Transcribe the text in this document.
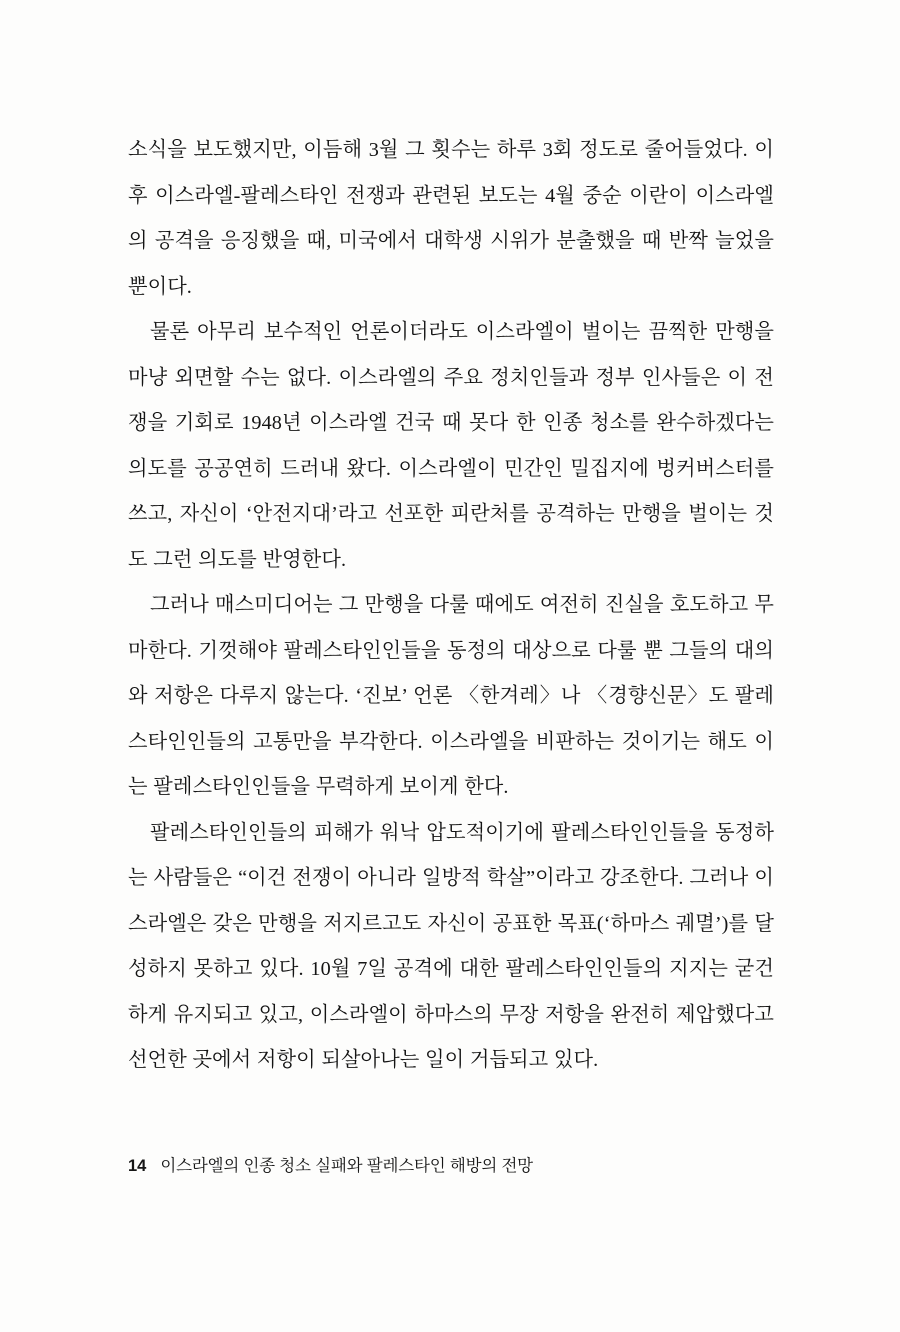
소식을 보도했지만, 이듬해 3월 그 횟수는 하루 3회 정도로 줄어들었다. 이후 이스라엘-팔레스타인 전쟁과 관련된 보도는 4월 중순 이란이 이스라엘의 공격을 응징했을 때, 미국에서 대학생 시위가 분출했을 때 반짝 늘었을 뿐이다.

물론 아무리 보수적인 언론이더라도 이스라엘이 벌이는 끔찍한 만행을 마냥 외면할 수는 없다. 이스라엘의 주요 정치인들과 정부 인사들은 이 전쟁을 기회로 1948년 이스라엘 건국 때 못다 한 인종 청소를 완수하겠다는 의도를 공공연히 드러내 왔다. 이스라엘이 민간인 밀집지에 벙커버스터를 쓰고, 자신이 ‘안전지대’라고 선포한 피란처를 공격하는 만행을 벌이는 것도 그런 의도를 반영한다.

그러나 매스미디어는 그 만행을 다룰 때에도 여전히 진실을 호도하고 무마한다. 기껏해야 팔레스타인인들을 동정의 대상으로 다룰 뿐 그들의 대의와 저항은 다루지 않는다. ‘진보’ 언론 〈한겨레〉나 〈경향신문〉도 팔레스타인인들의 고통만을 부각한다. 이스라엘을 비판하는 것이기는 해도 이는 팔레스타인인들을 무력하게 보이게 한다.

팔레스타인인들의 피해가 워낙 압도적이기에 팔레스타인인들을 동정하는 사람들은 “이건 전쟁이 아니라 일방적 학살”이라고 강조한다. 그러나 이스라엘은 갖은 만행을 저지르고도 자신이 공표한 목표(‘하마스 궤멸’)를 달성하지 못하고 있다. 10월 7일 공격에 대한 팔레스타인인들의 지지는 굳건하게 유지되고 있고, 이스라엘이 하마스의 무장 저항을 완전히 제압했다고 선언한 곳에서 저항이 되살아나는 일이 거듭되고 있다.

14 이스라엘의 인종 청소 실패와 팔레스타인 해방의 전망
